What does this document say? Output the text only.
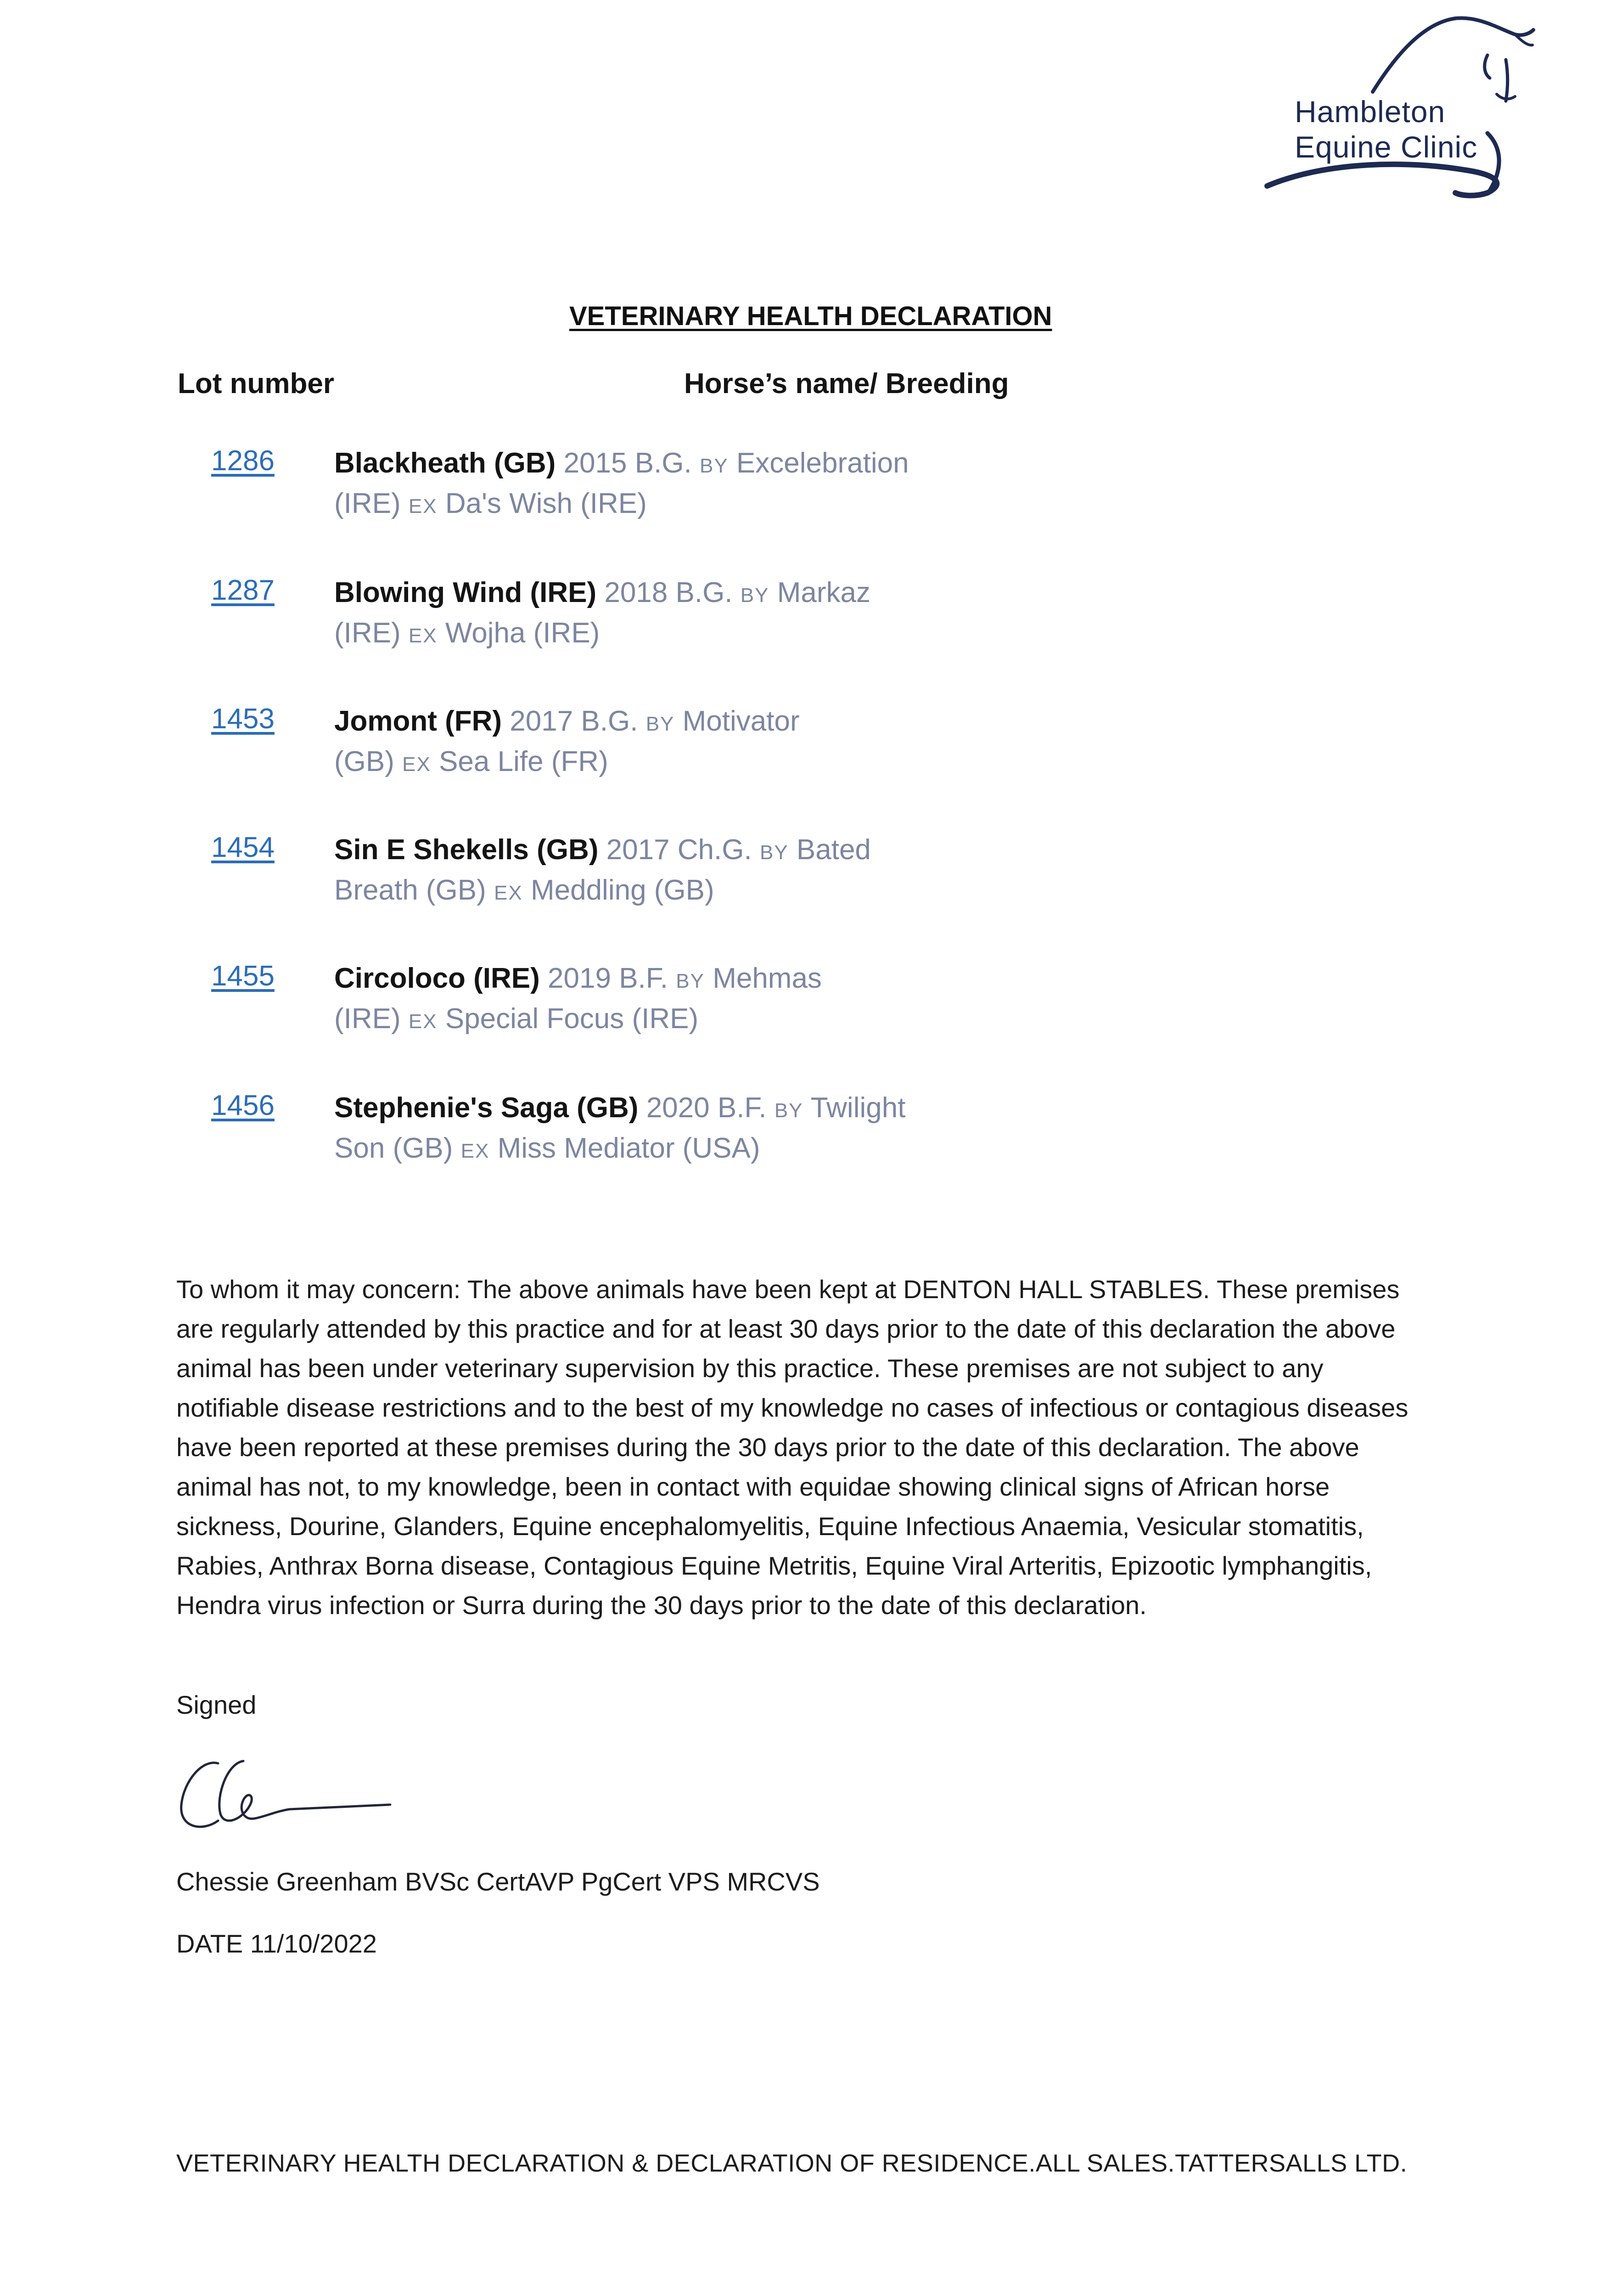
Hambleton
Equine Clinic
VETERINARY HEALTH DECLARATION
Lot number	Horse’s name/ Breeding
1286 Blackheath (GB) 2015 B.G. BY Excelebration
(IRE) EX Da's Wish (IRE)
1287 Blowing Wind (IRE) 2018 B.G. BY Markaz
(IRE) EX Wojha (IRE)
1453 Jomont (FR) 2017 B.G. BY Motivator
(GB) EX Sea Life (FR)
1454 Sin E Shekells (GB) 2017 Ch.G. BY Bated
Breath (GB) EX Meddling (GB)
1455 Circoloco (IRE) 2019 B.F. BY Mehmas
(IRE) EX Special Focus (IRE)
1456 Stephenie's Saga (GB) 2020 B.F. BY Twilight
Son (GB) EX Miss Mediator (USA)
To whom it may concern: The above animals have been kept at DENTON HALL STABLES. These premises are regularly attended by this practice and for at least 30 days prior to the date of this declaration the above animal has been under veterinary supervision by this practice. These premises are not subject to any notifiable disease restrictions and to the best of my knowledge no cases of infectious or contagious diseases have been reported at these premises during the 30 days prior to the date of this declaration. The above animal has not, to my knowledge, been in contact with equidae showing clinical signs of African horse sickness, Dourine, Glanders, Equine encephalomyelitis, Equine Infectious Anaemia, Vesicular stomatitis, Rabies, Anthrax Borna disease, Contagious Equine Metritis, Equine Viral Arteritis, Epizootic lymphangitis, Hendra virus infection or Surra during the 30 days prior to the date of this declaration.
Signed
Chessie Greenham BVSc CertAVP PgCert VPS MRCVS
DATE 11/10/2022
VETERINARY HEALTH DECLARATION & DECLARATION OF RESIDENCE.ALL SALES.TATTERSALLS LTD.
